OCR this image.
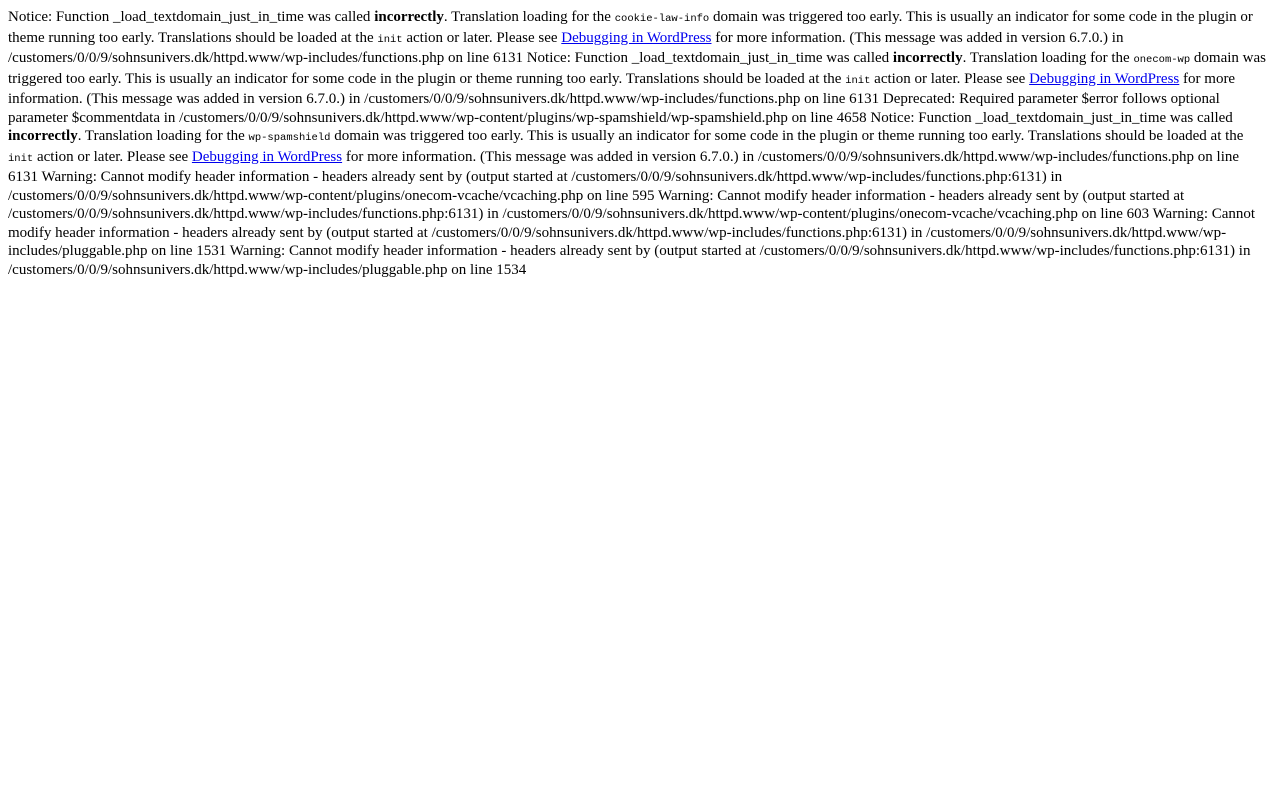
Notice: Function _load_textdomain_just_in_time was called incorrectly. Translation loading for the cookie-law-info domain was triggered too early. This is usually an indicator for some code in the plugin or theme running too early. Translations should be loaded at the init action or later. Please see Debugging in WordPress for more information. (This message was added in version 6.7.0.) in /customers/0/0/9/sohnsunivers.dk/httpd.www/wp-includes/functions.php on line 6131 Notice: Function _load_textdomain_just_in_time was called incorrectly. Translation loading for the onecom-wp domain was triggered too early. This is usually an indicator for some code in the plugin or theme running too early. Translations should be loaded at the init action or later. Please see Debugging in WordPress for more information. (This message was added in version 6.7.0.) in /customers/0/0/9/sohnsunivers.dk/httpd.www/wp-includes/functions.php on line 6131 Deprecated: Required parameter $error follows optional parameter $commentdata in /customers/0/0/9/sohnsunivers.dk/httpd.www/wp-content/plugins/wp-spamshield/wp-spamshield.php on line 4658 Notice: Function _load_textdomain_just_in_time was called incorrectly. Translation loading for the wp-spamshield domain was triggered too early. This is usually an indicator for some code in the plugin or theme running too early. Translations should be loaded at the init action or later. Please see Debugging in WordPress for more information. (This message was added in version 6.7.0.) in /customers/0/0/9/sohnsunivers.dk/httpd.www/wp-includes/functions.php on line 6131 Warning: Cannot modify header information - headers already sent by (output started at /customers/0/0/9/sohnsunivers.dk/httpd.www/wp-includes/functions.php:6131) in /customers/0/0/9/sohnsunivers.dk/httpd.www/wp-content/plugins/onecom-vcache/vcaching.php on line 595 Warning: Cannot modify header information - headers already sent by (output started at /customers/0/0/9/sohnsunivers.dk/httpd.www/wp-includes/functions.php:6131) in /customers/0/0/9/sohnsunivers.dk/httpd.www/wp-content/plugins/onecom-vcache/vcaching.php on line 603 Warning: Cannot modify header information - headers already sent by (output started at /customers/0/0/9/sohnsunivers.dk/httpd.www/wp-includes/functions.php:6131) in /customers/0/0/9/sohnsunivers.dk/httpd.www/wp-includes/pluggable.php on line 1531 Warning: Cannot modify header information - headers already sent by (output started at /customers/0/0/9/sohnsunivers.dk/httpd.www/wp-includes/functions.php:6131) in /customers/0/0/9/sohnsunivers.dk/httpd.www/wp-includes/pluggable.php on line 1534
